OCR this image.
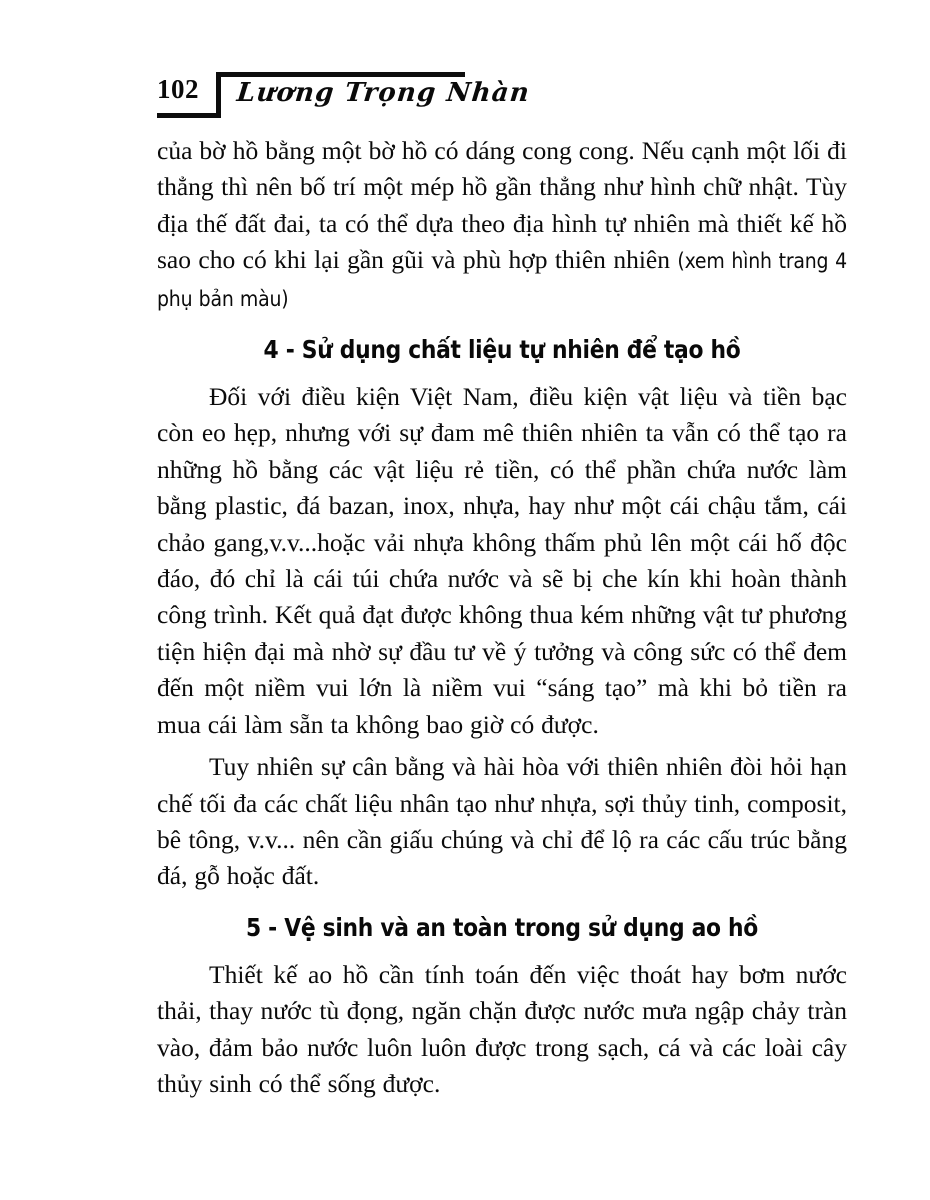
102 Lương Trọng Nhàn

của bờ hồ bằng một bờ hồ có dáng cong cong. Nếu cạnh một lối đi thẳng thì nên bố trí một mép hồ gần thẳng như hình chữ nhật. Tùy địa thế đất đai, ta có thể dựa theo địa hình tự nhiên mà thiết kế hồ sao cho có khi lại gần gũi và phù hợp thiên nhiên (xem hình trang 4 phụ bản màu)

4 - Sử dụng chất liệu tự nhiên để tạo hồ

Đối với điều kiện Việt Nam, điều kiện vật liệu và tiền bạc còn eo hẹp, nhưng với sự đam mê thiên nhiên ta vẫn có thể tạo ra những hồ bằng các vật liệu rẻ tiền, có thể phần chứa nước làm bằng plastic, đá bazan, inox, nhựa, hay như một cái chậu tắm, cái chảo gang,v.v...hoặc vải nhựa không thấm phủ lên một cái hố độc đáo, đó chỉ là cái túi chứa nước và sẽ bị che kín khi hoàn thành công trình. Kết quả đạt được không thua kém những vật tư phương tiện hiện đại mà nhờ sự đầu tư về ý tưởng và công sức có thể đem đến một niềm vui lớn là niềm vui “sáng tạo” mà khi bỏ tiền ra mua cái làm sẵn ta không bao giờ có được.

Tuy nhiên sự cân bằng và hài hòa với thiên nhiên đòi hỏi hạn chế tối đa các chất liệu nhân tạo như nhựa, sợi thủy tinh, composit, bê tông, v.v... nên cần giấu chúng và chỉ để lộ ra các cấu trúc bằng đá, gỗ hoặc đất.

5 - Vệ sinh và an toàn trong sử dụng ao hồ

Thiết kế ao hồ cần tính toán đến việc thoát hay bơm nước thải, thay nước tù đọng, ngăn chặn được nước mưa ngập chảy tràn vào, đảm bảo nước luôn luôn được trong sạch, cá và các loài cây thủy sinh có thể sống được.
